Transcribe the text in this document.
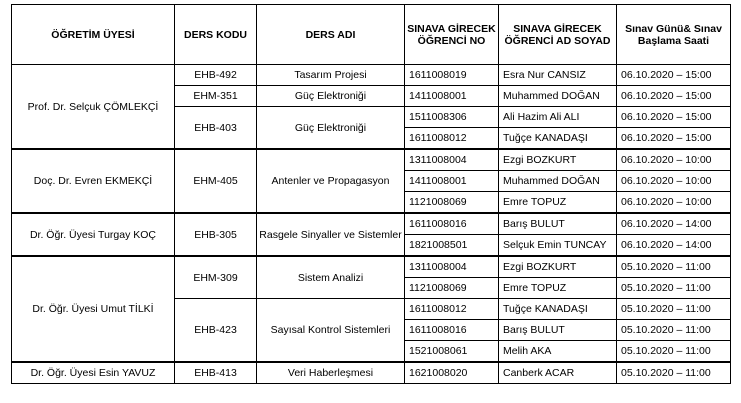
ÖĞRETİM ÜYESİ	DERS KODU	DERS ADI	SINAVA GİRECEK ÖĞRENCİ NO	SINAVA GİRECEK ÖĞRENCİ AD SOYAD	Sınav Günü& Sınav Başlama Saati
Prof. Dr. Selçuk ÇÖMLEKÇİ	EHB-492	Tasarım Projesi	1611008019	Esra Nur CANSIZ	06.10.2020 – 15:00
	EHM-351	Güç Elektroniği	1411008001	Muhammed DOĞAN	06.10.2020 – 15:00
	EHB-403	Güç Elektroniği	1511008306	Ali Hazim Ali ALI	06.10.2020 – 15:00
			1611008012	Tuğçe KANADAŞI	06.10.2020 – 15:00
Doç. Dr. Evren EKMEKÇİ	EHM-405	Antenler ve Propagasyon	1311008004	Ezgi BOZKURT	06.10.2020 – 10:00
			1411008001	Muhammed DOĞAN	06.10.2020 – 10:00
			1121008069	Emre TOPUZ	06.10.2020 – 10:00
Dr. Öğr. Üyesi Turgay KOÇ	EHB-305	Rasgele Sinyaller ve Sistemler	1611008016	Barış BULUT	06.10.2020 – 14:00
			1821008501	Selçuk Emin TUNCAY	06.10.2020 – 14:00
Dr. Öğr. Üyesi Umut TİLKİ	EHM-309	Sistem Analizi	1311008004	Ezgi BOZKURT	05.10.2020 – 11:00
			1121008069	Emre TOPUZ	05.10.2020 – 11:00
	EHB-423	Sayısal Kontrol Sistemleri	1611008012	Tuğçe KANADAŞI	05.10.2020 – 11:00
			1611008016	Barış BULUT	05.10.2020 – 11:00
			1521008061	Melih AKA	05.10.2020 – 11:00
Dr. Öğr. Üyesi Esin YAVUZ	EHB-413	Veri Haberleşmesi	1621008020	Canberk ACAR	05.10.2020 – 11:00
